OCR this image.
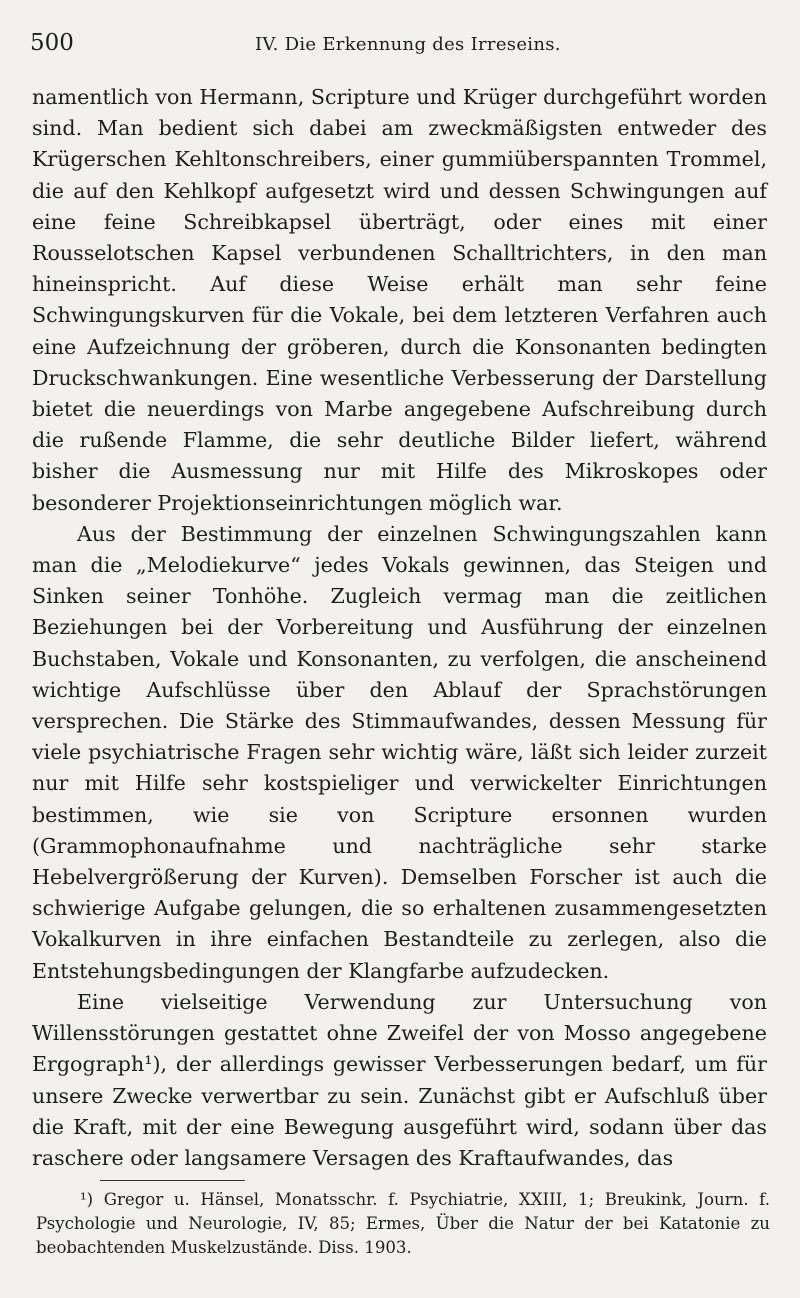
500	IV. Die Erkennung des Irreseins.

namentlich von Hermann, Scripture und Krüger durchgeführt worden sind. Man bedient sich dabei am zweckmäßigsten entweder des Krügerschen Kehltonschreibers, einer gummiüberspannten Trommel, die auf den Kehlkopf aufgesetzt wird und dessen Schwingungen auf eine feine Schreibkapsel überträgt, oder eines mit einer Rousselotschen Kapsel verbundenen Schalltrichters, in den man hineinspricht. Auf diese Weise erhält man sehr feine Schwingungskurven für die Vokale, bei dem letzteren Verfahren auch eine Aufzeichnung der gröberen, durch die Konsonanten bedingten Druckschwankungen. Eine wesentliche Verbesserung der Darstellung bietet die neuerdings von Marbe angegebene Aufschreibung durch die rußende Flamme, die sehr deutliche Bilder liefert, während bisher die Ausmessung nur mit Hilfe des Mikroskopes oder besonderer Projektionseinrichtungen möglich war.

Aus der Bestimmung der einzelnen Schwingungszahlen kann man die „Melodiekurve“ jedes Vokals gewinnen, das Steigen und Sinken seiner Tonhöhe. Zugleich vermag man die zeitlichen Beziehungen bei der Vorbereitung und Ausführung der einzelnen Buchstaben, Vokale und Konsonanten, zu verfolgen, die anscheinend wichtige Aufschlüsse über den Ablauf der Sprachstörungen versprechen. Die Stärke des Stimmaufwandes, dessen Messung für viele psychiatrische Fragen sehr wichtig wäre, läßt sich leider zurzeit nur mit Hilfe sehr kostspieliger und verwickelter Einrichtungen bestimmen, wie sie von Scripture ersonnen wurden (Grammophonaufnahme und nachträgliche sehr starke Hebelvergrößerung der Kurven). Demselben Forscher ist auch die schwierige Aufgabe gelungen, die so erhaltenen zusammengesetzten Vokalkurven in ihre einfachen Bestandteile zu zerlegen, also die Entstehungsbedingungen der Klangfarbe aufzudecken.

Eine vielseitige Verwendung zur Untersuchung von Willensstörungen gestattet ohne Zweifel der von Mosso angegebene Ergograph¹), der allerdings gewisser Verbesserungen bedarf, um für unsere Zwecke verwertbar zu sein. Zunächst gibt er Aufschluß über die Kraft, mit der eine Bewegung ausgeführt wird, sodann über das raschere oder langsamere Versagen des Kraftaufwandes, das

¹) Gregor u. Hänsel, Monatsschr. f. Psychiatrie, XXIII, 1; Breukink, Journ. f. Psychologie und Neurologie, IV, 85; Ermes, Über die Natur der bei Katatonie zu beobachtenden Muskelzustände. Diss. 1903.
